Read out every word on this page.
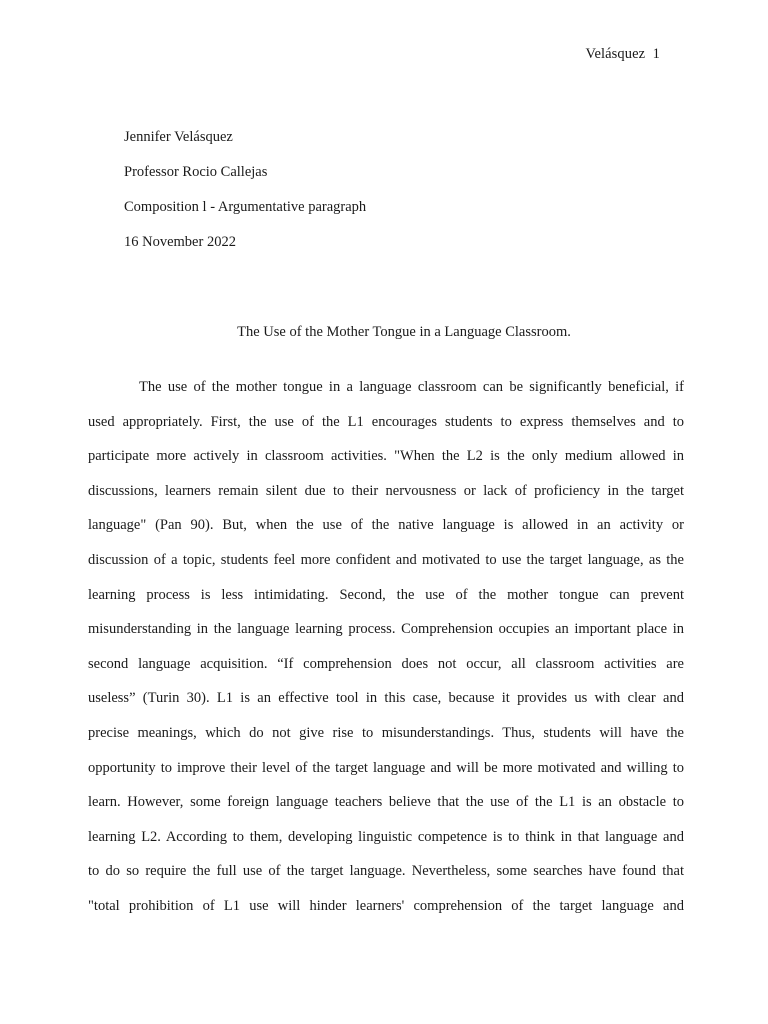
Velásquez  1
Jennifer Velásquez
Professor Rocio Callejas
Composition l - Argumentative paragraph
16 November 2022
The Use of the Mother Tongue in a Language Classroom.
The use of the mother tongue in a language classroom can be significantly beneficial, if
used appropriately. First, the use of the L1 encourages students to express themselves and to
participate more actively in classroom activities. "When the L2 is the only medium allowed in
discussions, learners remain silent due to their nervousness or lack of proficiency in the target
language" (Pan 90). But, when the use of the native language is allowed in an activity or
discussion of a topic, students feel more confident and motivated to use the target language, as the
learning process is less intimidating. Second, the use of the mother tongue can prevent
misunderstanding in the language learning process. Comprehension occupies an important place in
second language acquisition. “If comprehension does not occur, all classroom activities are
useless” (Turin 30). L1 is an effective tool in this case, because it provides us with clear and
precise meanings, which do not give rise to misunderstandings. Thus, students will have the
opportunity to improve their level of the target language and will be more motivated and willing to
learn. However, some foreign language teachers believe that the use of the L1 is an obstacle to
learning L2. According to them, developing linguistic competence is to think in that language and
to do so require the full use of the target language. Nevertheless, some searches have found that
"total prohibition of L1 use will hinder learners' comprehension of the target language and
